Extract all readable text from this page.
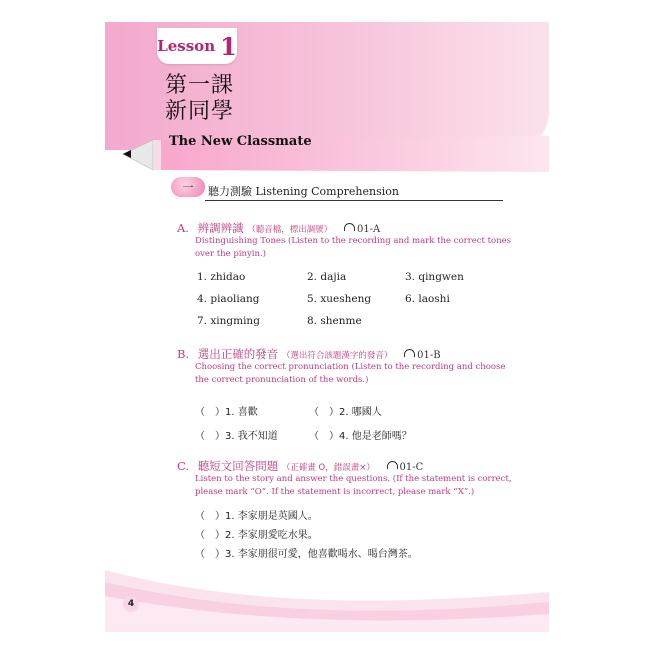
Lesson 1
第一課
新同學
The New Classmate
一	聽力測驗 Listening Comprehension
A. 辨調辨識 （聽音檔，標出調號） 01-A
Distinguishing Tones (Listen to the recording and mark the correct tones over the pinyin.)
1. zhidao	2. dajia	3. qingwen
4. piaoliang	5. xuesheng	6. laoshi
7. xingming	8. shenme
B. 選出正確的發音 （選出符合該題漢字的發音） 01-B
Choosing the correct pronunciation (Listen to the recording and choose the correct pronunciation of the words.)
（　）1. 喜歡	（　）2. 哪國人
（　）3. 我不知道	（　）4. 他是老師嗎？
C. 聽短文回答問題 （正確畫 O，錯誤畫×） 01-C
Listen to the story and answer the questions. (If the statement is correct, please mark “O”. If the statement is incorrect, please mark “X”.)
（　）1. 李家朋是英國人。
（　）2. 李家朋愛吃水果。
（　）3. 李家朋很可愛，他喜歡喝水、喝台灣茶。
4
